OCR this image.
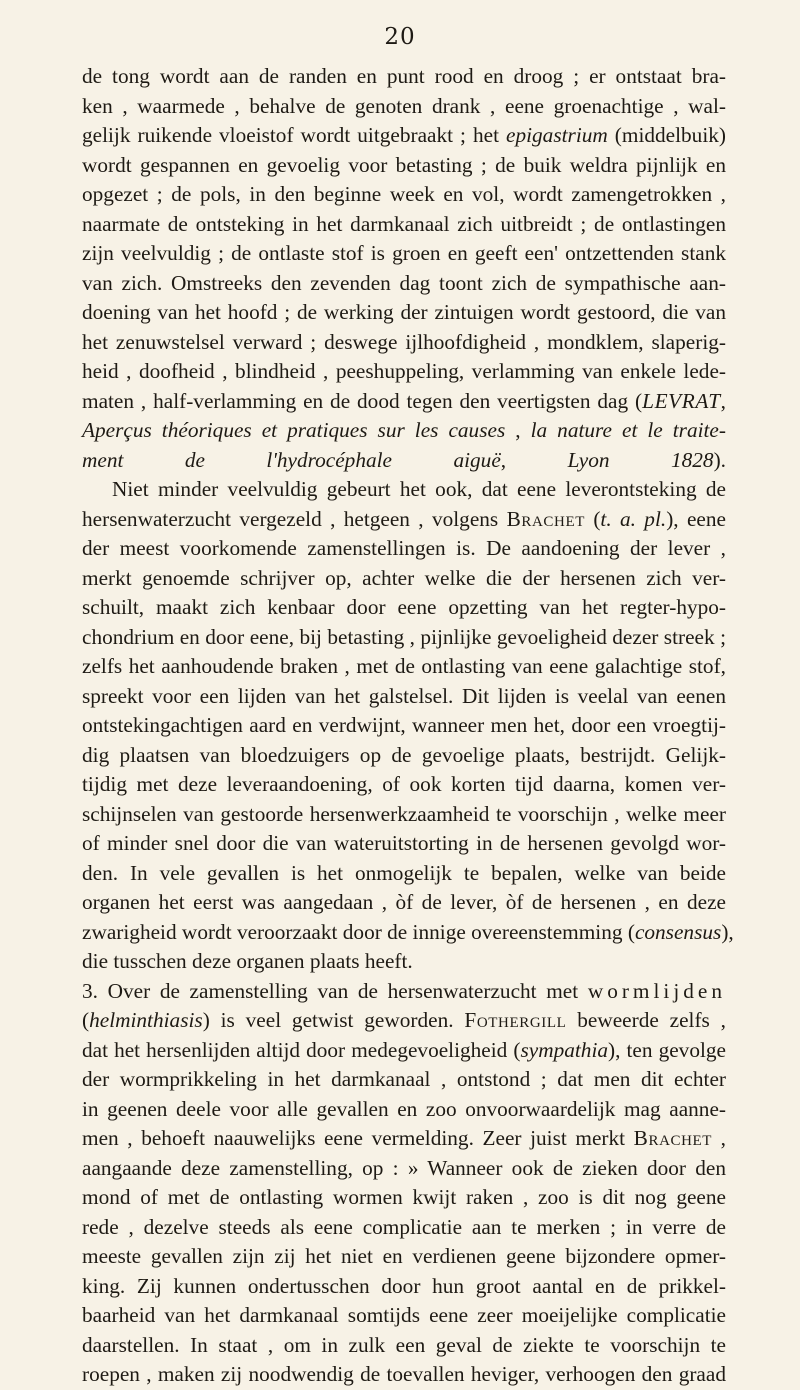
20
de tong wordt aan de randen en punt rood en droog ; er ontstaat bra-
ken , waarmede , behalve de genoten drank , eene groenachtige , wal-
gelijk ruikende vloeistof wordt uitgebraakt ; het epigastrium (middelbuik)
wordt gespannen en gevoelig voor betasting ; de buik weldra pijnlijk en
opgezet ; de pols, in den beginne week en vol, wordt zamengetrokken ,
naarmate de ontsteking in het darmkanaal zich uitbreidt ; de ontlastingen
zijn veelvuldig ; de ontlaste stof is groen en geeft een' ontzettenden stank
van zich. Omstreeks den zevenden dag toont zich de sympathische aan-
doening van het hoofd ; de werking der zintuigen wordt gestoord, die van
het zenuwstelsel verward ; deswege ijlhoofdigheid , mondklem, slaperig-
heid , doofheid , blindheid , peeshuppeling, verlamming van enkele lede-
maten , half-verlamming en de dood tegen den veertigsten dag (LEVRAT,
Aperçus théoriques et pratiques sur les causes , la nature et le traite-
ment de l'hydrocéphale aiguë, Lyon 1828).
Niet minder veelvuldig gebeurt het ook, dat eene leverontsteking de
hersenwaterzucht vergezeld , hetgeen , volgens Brachet (t. a. pl.), eene
der meest voorkomende zamenstellingen is. De aandoening der lever ,
merkt genoemde schrijver op, achter welke die der hersenen zich ver-
schuilt, maakt zich kenbaar door eene opzetting van het regter-hypo-
chondrium en door eene, bij betasting , pijnlijke gevoeligheid dezer streek ;
zelfs het aanhoudende braken , met de ontlasting van eene galachtige stof,
spreekt voor een lijden van het galstelsel. Dit lijden is veelal van eenen
ontstekingachtigen aard en verdwijnt, wanneer men het, door een vroegtij-
dig plaatsen van bloedzuigers op de gevoelige plaats, bestrijdt. Gelijk-
tijdig met deze leveraandoening, of ook korten tijd daarna, komen ver-
schijnselen van gestoorde hersenwerkzaamheid te voorschijn , welke meer
of minder snel door die van wateruitstorting in de hersenen gevolgd wor-
den. In vele gevallen is het onmogelijk te bepalen, welke van beide
organen het eerst was aangedaan , òf de lever, òf de hersenen , en deze
zwarigheid wordt veroorzaakt door de innige overeenstemming (consensus),
die tusschen deze organen plaats heeft.
3. Over de zamenstelling van de hersenwaterzucht met wormlijden
(helminthiasis) is veel getwist geworden. Fothergill beweerde zelfs ,
dat het hersenlijden altijd door medegevoeligheid (sympathia), ten gevolge
der wormprikkeling in het darmkanaal , ontstond ; dat men dit echter
in geenen deele voor alle gevallen en zoo onvoorwaardelijk mag aanne-
men , behoeft naauwelijks eene vermelding. Zeer juist merkt Brachet ,
aangaande deze zamenstelling, op : » Wanneer ook de zieken door den
mond of met de ontlasting wormen kwijt raken , zoo is dit nog geene
rede , dezelve steeds als eene complicatie aan te merken ; in verre de
meeste gevallen zijn zij het niet en verdienen geene bijzondere opmer-
king. Zij kunnen ondertusschen door hun groot aantal en de prikkel-
baarheid van het darmkanaal somtijds eene zeer moeijelijke complicatie
daarstellen. In staat , om in zulk een geval de ziekte te voorschijn te
roepen , maken zij noodwendig de toevallen heviger, verhoogen den graad
